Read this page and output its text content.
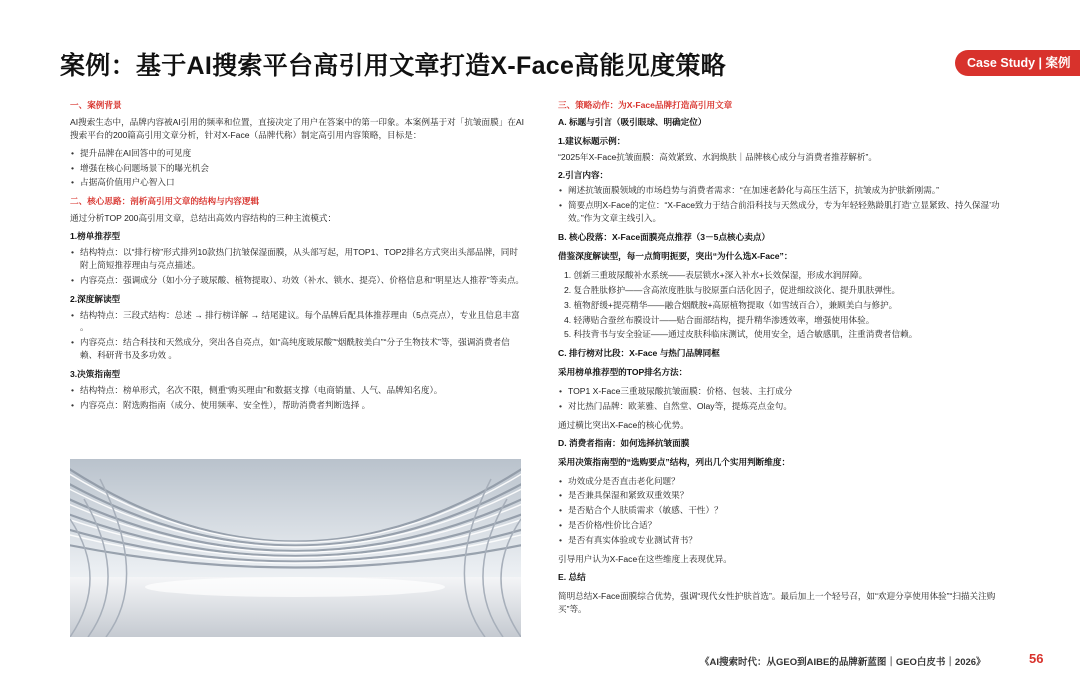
案例：基于AI搜索平台高引用文章打造X-Face高能见度策略	Case Study | 案例
一、案例背景

AI搜索生态中，品牌内容被AI引用的频率和位置，直接决定了用户在答案中的第一印象。本案例基于对「抗皱面膜」在AI搜索平台的200篇高引用文章分析，针对X-Face（品牌代称）制定高引用内容策略，目标是：

• 提升品牌在AI回答中的可见度
• 增强在核心问题场景下的曝光机会
• 占据高价值用户心智入口
二、核心思路：剖析高引用文章的结构与内容逻辑

通过分析TOP 200高引用文章，总结出高效内容结构的三种主流模式：

1.榜单推荐型
• 结构特点：以“排行榜”形式排列10款热门抗皱保湿面膜，从头部写起，用TOP1、TOP2排名方式突出头部品牌，同时附上简短推荐理由与亮点描述。
• 内容亮点：强调成分（如小分子玻尿酸、植物提取）、功效（补水、锁水、提亮）、价格信息和“明星达人推荐”等卖点。
2.深度解读型
• 结构特点：三段式结构：总述 → 排行榜详解 → 结尾建议。每个品牌后配具体推荐理由（5点亮点），专业且信息丰富 。
• 内容亮点：结合科技和天然成分，突出各自亮点，如“高纯度玻尿酸”“烟酰胺美白”“分子生物技术”等，强调消费者信赖、科研背书及多功效 。
3.决策指南型
• 结构特点：榜单形式，名次不限，侧重“购买理由”和数据支撑（电商销量、人气、品牌知名度）。
• 内容亮点：附选购指南（成分、使用频率、安全性），帮助消费者判断选择 。
三、策略动作：为X-Face品牌打造高引用文章
A. 标题与引言（吸引眼球、明确定位）
1.建议标题示例：

“2025年X-Face抗皱面膜：高效紧致、水润焕肤｜品牌核心成分与消费者推荐解析”。

2.引言内容：
• 阐述抗皱面膜领域的市场趋势与消费者需求：“在加速老龄化与高压生活下，抗皱成为护肤新刚需。”
• 简要点明X-Face的定位：“X-Face致力于结合前沿科技与天然成分，专为年轻轻熟龄肌打造‘立显紧致、持久保湿’功效。”作为文章主线引入。
B. 核心段落：X-Face面膜亮点推荐（3－5点核心卖点）
借鉴深度解读型，每一点简明扼要，突出“为什么选X-Face”：
1. 创新三重玻尿酸补水系统——表层锁水+深入补水+长效保湿，形成水润屏障。
2. 复合胜肽修护——含高浓度胜肽与胶原蛋白活化因子，促进细纹淡化、提升肌肤弹性。
3. 植物舒缓+提亮精华——融合烟酰胺+高原植物提取（如雪绒百合），兼顾美白与修护。
4. 轻薄贴合蚕丝布膜设计——贴合面部结构，提升精华渗透效率，增强使用体验。
5. 科技背书与安全验证——通过皮肤科临床测试，使用安全，适合敏感肌，注重消费者信赖。
C. 排行榜对比段：X-Face 与热门品牌同框
采用榜单推荐型的TOP排名方法：
• TOP1 X-Face三重玻尿酸抗皱面膜：价格、包装、主打成分
• 对比热门品牌：欧莱雅、自然堂、Olay等，提炼亮点金句。

通过横比突出X-Face的核心优势。

D. 消费者指南：如何选择抗皱面膜
采用决策指南型的“选购要点”结构，列出几个实用判断维度：
• 功效成分是否直击老化问题？
• 是否兼具保湿和紧致双重效果？
• 是否贴合个人肤质需求（敏感、干性）？
• 是否价格/性价比合适？
• 是否有真实体验或专业测试背书？

引导用户认为X-Face在这些维度上表现优异。

E. 总结

简明总结X-Face面膜综合优势，强调“现代女性护肤首选”。最后加上一个轻号召，如“欢迎分享使用体验”“扫描关注购买”等。

《AI搜索时代：从GEO到AIBE的品牌新蓝图｜GEO白皮书｜2026》	56
